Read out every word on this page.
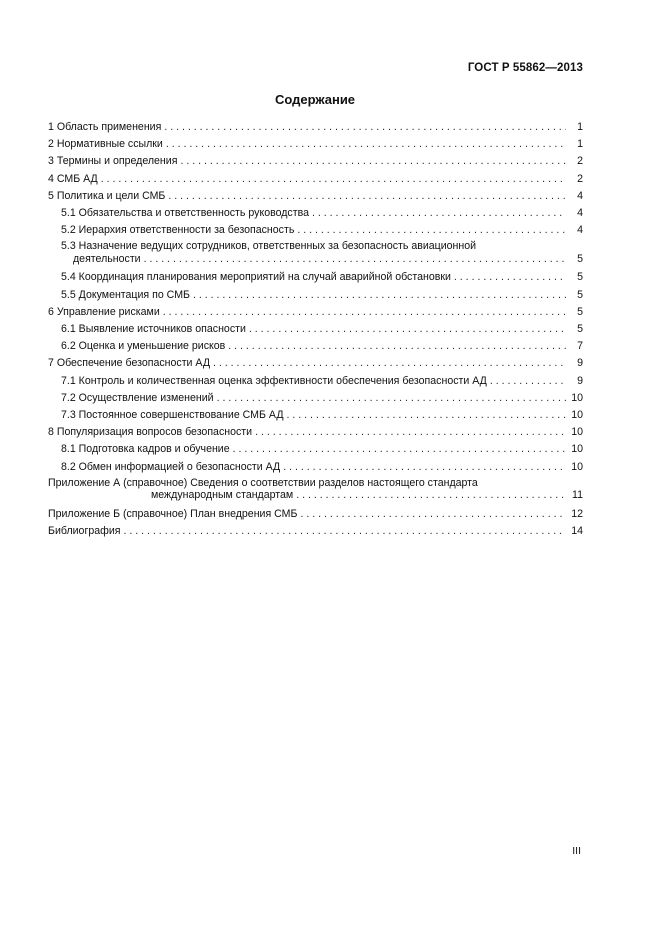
ГОСТ Р 55862—2013
Содержание
1 Область применения . . .	1
2 Нормативные ссылки . . .	1
3 Термины и определения . . .	2
4 СМБ АД . . .	2
5 Политика и цели СМБ . . .	4
5.1 Обязательства и ответственность руководства . . .	4
5.2 Иерархия ответственности за безопасность . . .	4
5.3 Назначение ведущих сотрудников, ответственных за безопасность авиационной
деятельности . . .	5
5.4 Координация планирования мероприятий на случай аварийной обстановки . . .	5
5.5 Документация по СМБ . . .	5
6 Управление рисками . . .	5
6.1 Выявление источников опасности . . .	5
6.2 Оценка и уменьшение рисков . . .	7
7 Обеспечение безопасности АД . . .	9
7.1 Контроль и количественная оценка эффективности обеспечения безопасности АД . . .	9
7.2 Осуществление изменений . . .	10
7.3 Постоянное совершенствование СМБ АД . . .	10
8 Популяризация вопросов безопасности . . .	10
8.1 Подготовка кадров и обучение . . .	10
8.2 Обмен информацией о безопасности АД . . .	10
Приложение А (справочное) Сведения о соответствии разделов настоящего стандарта
международным стандартам . . .	11
Приложение Б (справочное) План внедрения СМБ . . .	12
Библиография . . .	14
III
